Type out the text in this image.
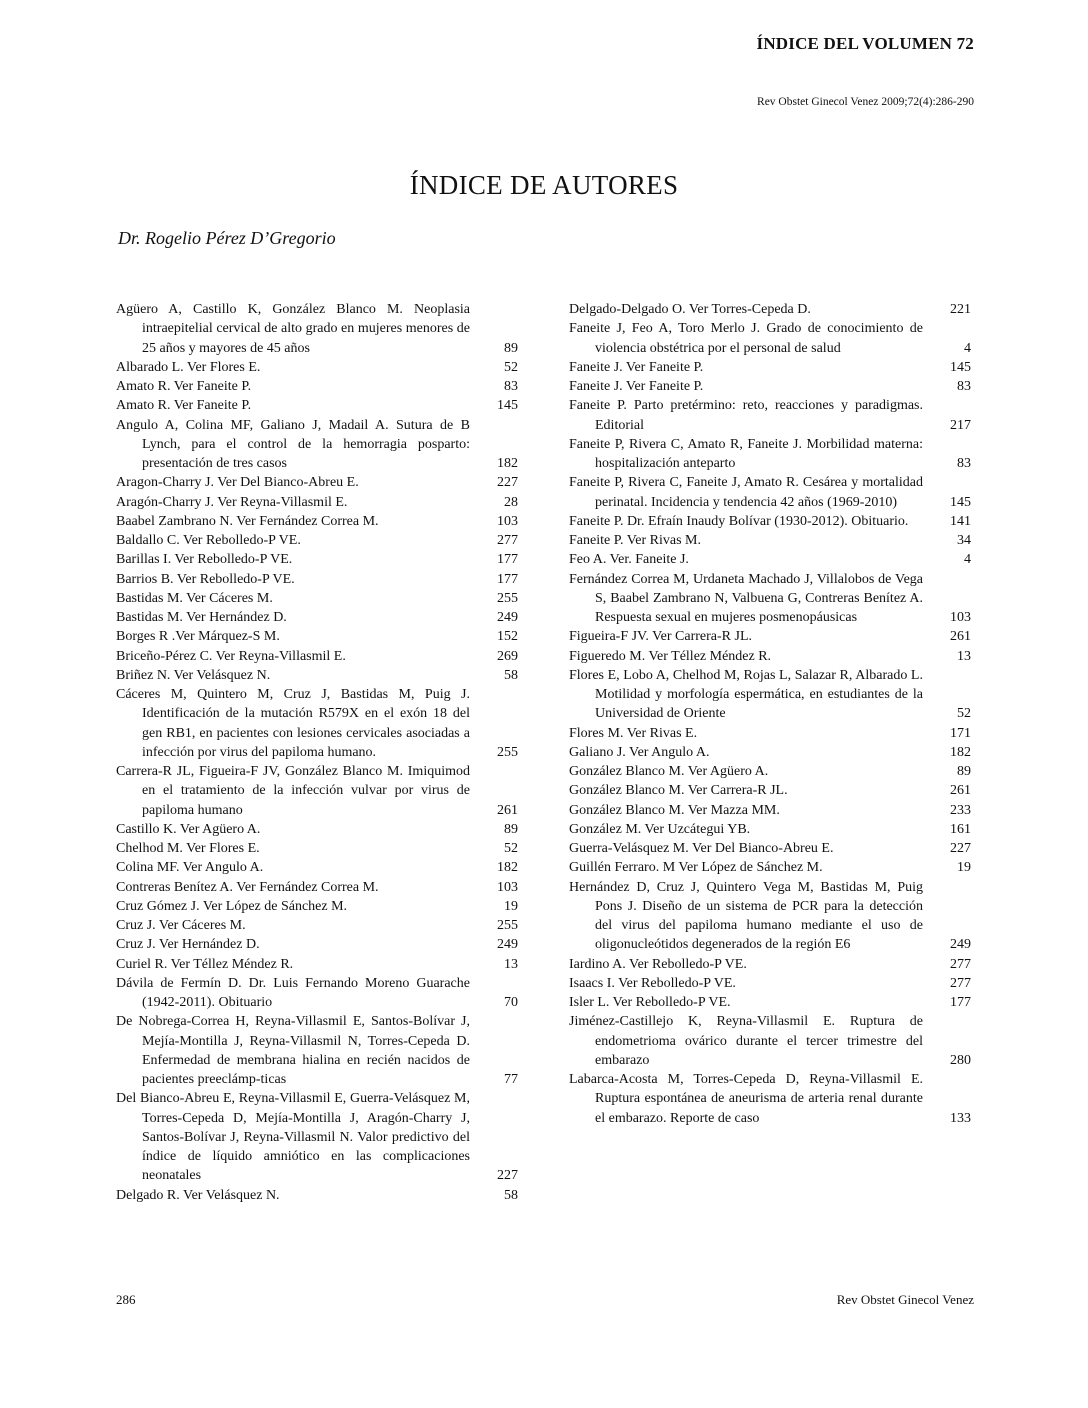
ÍNDICE DEL VOLUMEN 72
Rev Obstet Ginecol Venez 2009;72(4):286-290
ÍNDICE DE AUTORES
Dr. Rogelio Pérez D’Gregorio
Agüero A, Castillo K, González Blanco M. Neoplasia intraepitelial cervical de alto grado en mujeres menores de 25 años y mayores de 45 años	89
Albarado L. Ver Flores E.	52
Amato R. Ver Faneite P.	83
Amato R. Ver Faneite P.	145
Angulo A, Colina MF, Galiano J, Madail A. Sutura de B Lynch, para el control de la hemorragia posparto: presentación de tres casos	182
Aragon-Charry J. Ver Del Bianco-Abreu E.	227
Aragón-Charry J. Ver Reyna-Villasmil E.	28
Baabel Zambrano N. Ver Fernández Correa M.	103
Baldallo C. Ver Rebolledo-P VE.	277
Barillas I. Ver Rebolledo-P VE.	177
Barrios B. Ver Rebolledo-P VE.	177
Bastidas M. Ver Cáceres M.	255
Bastidas M. Ver Hernández D.	249
Borges R .Ver Márquez-S M.	152
Briceño-Pérez C. Ver Reyna-Villasmil E.	269
Briñez N. Ver Velásquez N.	58
Cáceres M, Quintero M, Cruz J, Bastidas M, Puig J. Identificación de la mutación R579X en el exón 18 del gen RB1, en pacientes con lesiones cervicales asociadas a infección por virus del papiloma humano.	255
Carrera-R JL, Figueira-F JV, González Blanco M. Imiquimod en el tratamiento de la infección vulvar por virus de papiloma humano	261
Castillo K. Ver Agüero A.	89
Chelhod M. Ver Flores E.	52
Colina MF. Ver Angulo A.	182
Contreras Benítez A. Ver Fernández Correa M.	103
Cruz Gómez J. Ver López de Sánchez M.	19
Cruz J. Ver Cáceres M.	255
Cruz J. Ver Hernández D.	249
Curiel R. Ver Téllez Méndez R.	13
Dávila de Fermín D. Dr. Luis Fernando Moreno Guarache (1942-2011). Obituario	70
De Nobrega-Correa H, Reyna-Villasmil E, Santos-Bolívar J, Mejía-Montilla J, Reyna-Villasmil N, Torres-Cepeda D. Enfermedad de membrana hialina en recién nacidos de pacientes preeclámp-ticas	77
Del Bianco-Abreu E, Reyna-Villasmil E, Guerra-Velásquez M, Torres-Cepeda D, Mejía-Montilla J, Aragón-Charry J, Santos-Bolívar J, Reyna-Villasmil N. Valor predictivo del índice de líquido amniótico en las complicaciones neonatales	227
Delgado R. Ver Velásquez N.	58
Delgado-Delgado O. Ver Torres-Cepeda D.	221
Faneite J, Feo A, Toro Merlo J. Grado de conocimiento de violencia obstétrica por el personal de salud	4
Faneite J. Ver Faneite P.	145
Faneite J. Ver Faneite P.	83
Faneite P. Parto pretérmino: reto, reacciones y paradigmas. Editorial	217
Faneite P, Rivera C, Amato R, Faneite J. Morbilidad materna: hospitalización anteparto	83
Faneite P, Rivera C, Faneite J, Amato R. Cesárea y mortalidad perinatal. Incidencia y tendencia 42 años (1969-2010)	145
Faneite P. Dr. Efraín Inaudy Bolívar (1930-2012). Obituario.	141
Faneite P. Ver Rivas M.	34
Feo A. Ver. Faneite J.	4
Fernández Correa M, Urdaneta Machado J, Villalobos de Vega S, Baabel Zambrano N, Valbuena G, Contreras Benítez A. Respuesta sexual en mujeres posmenopáusicas	103
Figueira-F JV. Ver Carrera-R JL.	261
Figueredo M. Ver Téllez Méndez R.	13
Flores E, Lobo A, Chelhod M, Rojas L, Salazar R, Albarado L. Motilidad y morfología espermática, en estudiantes de la Universidad de Oriente	52
Flores M. Ver Rivas E.	171
Galiano J. Ver Angulo A.	182
González Blanco M. Ver Agüero A.	89
González Blanco M. Ver Carrera-R JL.	261
González Blanco M. Ver Mazza MM.	233
González M. Ver Uzcátegui YB.	161
Guerra-Velásquez M. Ver Del Bianco-Abreu E.	227
Guillén Ferraro. M Ver López de Sánchez M.	19
Hernández D, Cruz J, Quintero Vega M, Bastidas M, Puig Pons J. Diseño de un sistema de PCR para la detección del virus del papiloma humano mediante el uso de oligonucleótidos degenerados de la región E6	249
Iardino A. Ver Rebolledo-P VE.	277
Isaacs I. Ver Rebolledo-P VE.	277
Isler L. Ver Rebolledo-P VE.	177
Jiménez-Castillejo K, Reyna-Villasmil E. Ruptura de endometrioma ovárico durante el tercer trimestre del embarazo	280
Labarca-Acosta M, Torres-Cepeda D, Reyna-Villasmil E. Ruptura espontánea de aneurisma de arteria renal durante el embarazo. Reporte de caso	133
286	Rev Obstet Ginecol Venez
